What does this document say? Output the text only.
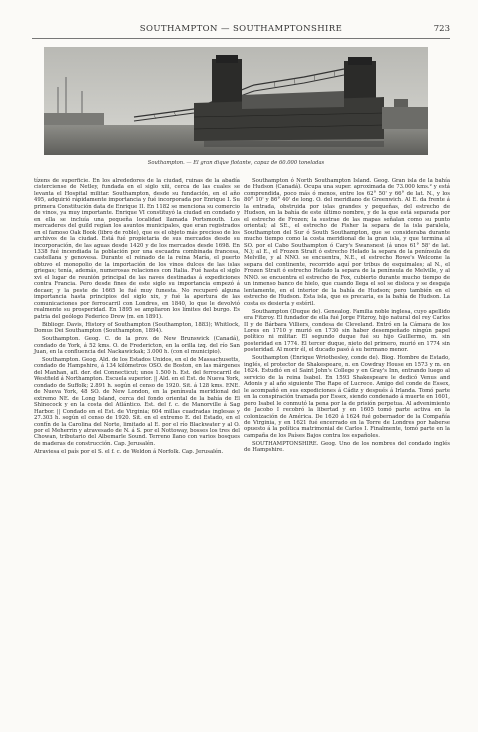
SOUTHAMPTON — SOUTHAMPTONSHIRE	723
Southampton. — El gran dique flotante, capaz de 60.000 toneladas

tízens de superficie. En los alrededores de la ciudad, ruinas de la abadía cisterciense de Netley, fundada en el siglo xiii, cerca de las cuales se levanta el Hospital militar. Southampton, desde su fundación, en el año 495, adquirió rápidamente importancia y fué incorporada por Enrique I. Su primera Constitución data de Enrique II. En 1182 se menciona su comercio de vinos, ya muy importante. Enrique VI constituyó la ciudad en condado y en ella se incluía una pequeña localidad llamada Portsmouth. Los mercaderes del guild regían los asuntos municipales, que eran registrados en el famoso Oak Book (libro de roble), que es el objeto más precioso de los archivos de la ciudad. Está fué propietaria de sus mercados desde su incorporación, de las aguas desde 1420 y de los mercados desde 1698. En 1338 fué incendiada la población por una escuadra combinada francesa, castellana y genovesa. Durante el reinado de la reina María, el puerto obtuvo el monopolio de la importación de los vinos dulces de las islas griegas; tenía, además, numerosas relaciones con Italia. Fué hasta el siglo xvi el lugar de reunión principal de las naves destinadas á expediciones contra Francia. Pero desde fines de este siglo su importancia empezó á decaer, y la peste de 1665 le fué muy funesta. No recuperó alguna importancia hasta principios del siglo xix, y fué la apertura de las comunicaciones por ferrocarril con Londres, en 1840, lo que le devolvió realmente su prosperidad. En 1895 se ampliaron los límites del burgo. Es patria del geólogo Federico Drew (m. en 1891).

Bibliogr. Davis, History of Southampton (Southampton, 1883); Whitlock, Domus Dei Southampton (Southampton, 1894).

Southampton. Geog. C. de la prov. de New Brunswick (Canadá), condado de York, á 52 kms. O. de Fredericton, en la orilla izq. del río San Juan, en la confluencia del Nackawickak; 3.000 h. (con el municipio).

Southampton. Geog. Ald. de los Estados Unidos, en el de Massachusetts, condado de Hampshire, á 134 kilómetros OSO. de Boston, en las márgenes del Manhan, afl. der. del Connecticut; unos 1.500 h. Est. del ferrocarril de Westfield á Northampton. Escuela superior. || Ald. en el Est. de Nueva York, condado de Suffolk; 2.891 h. según el censo de 1920. Sit. á 128 kms. ENE. de Nueva York, 48 SO. de New London, en la península meridional del extremo NE. de Long Island, cerca del fondo oriental de la bahía de El Shinecock y en la costa del Atlántico. Est. del f. c. de Manorville á Sag Harbor. || Condado en el Est. de Virginia; 604 millas cuadradas inglesas y 27.303 h. según el censo de 1920. Sit. en el extremo E. del Estado, en el confín de la Carolina del Norte, limitado al E. por el río Blackwater y al O. por el Meherrin y atravesado de N. á S. por el Nottoway, bosses los tres del Chowan, tributario del Albemarle Sound. Terreno llano con varios bosques de maderas de construcción. Cap. Jerusalén.

Atraviesa el país por el S. el f. c. de Weldon á Norfolk. Cap. Jerusalén.

Southampton ó North Southampton Island. Geog. Gran isla de la bahía de Hudson (Canadá). Ocupa una super. aproximada de 73.000 kms.² y está comprendida, poco más ó menos, entre los 62° 50' y 66° de lat. N., y los 80° 10' y 86° 40' de long. O. del meridiano de Greenwich. Al E. da frente á la entrada, obstruida por islas grandes y pequeñas, del estrecho de Hudson, en la bahía de este último nombre, y de la que está separada por el estrecho de Frozen; la sustrae de las mapas señalan como su punto oriental; al SE., el estrecho de Fisher la separa de la isla paralela, Southampton del Sur ó South Southampton, que se consideraba durante mucho tiempo como la costa meridional de la gran isla, y que termina al SO. por el Cabo Southampton ó Cary's Swansnest (á unos 61° 58' de lat. N.); al E., el Frozen Strait ó estrecho Helado la separa de la península de Melville, y al NNO. se encuentra, N.E., el estrecho Rowe's Welcome la separa del continente, recorrido aquí por tribus de esquimales; al N., el Frozen Strait ó estrecho Helado la separa de la península de Melville, y al NNO. se encuentra el estrecho de Fox, cubierto durante mucho tiempo de un inmenso banco de hielo, que cuando llega el sol se disloca y se desgaja lentamente, en el interior de la bahía de Hudson; pero también en el estrecho de Hudson. Esta isla, que es precaria, es la bahía de Hudson. La costa es desierta y estéril.

Southampton (Duque de). Genealog. Familia noble inglesa, cuyo apellido era Fitzroy. El fundador de ella fué Jorge Fitzroy, hijo natural del rey Carlos II y de Bárbara Villiers, condesa de Cleveland. Entró en la Cámara de los Lores en 1710 y murió en 1730 sin haber desempeñado ningún papel político ni militar. El segundo duque fué su hijo Guillermo, m. sin posteridad en 1774. El tercer duque, nieto del primero, murió en 1774 sin posteridad. Al morir él, el ducado pasó á su hermano menor.

Southampton (Enrique Wriothesley, conde de). Biog. Hombre de Estado, inglés, el protector de Shakespeare, n. en Cowdray House en 1573 y m. en 1624. Estudió en el Saint John's College y en Gray's Inn, entrando luego al servicio de la reina Isabel. En 1593 Shakespeare le dedicó Venus and Adonis y al año siguiente The Rape of Lucrece. Amigo del conde de Essex, le acompañó en sus expediciones á Cádiz y después á Irlanda. Tomó parte en la conspiración tramada por Essex, siendo condenado á muerte en 1601, pero Isabel le conmutó la pena por la de prisión perpetua. Al advenimiento de Jacobo I recobró la libertad y en 1605 tomó parte activa en la colonización de América. De 1620 á 1624 fué gobernador de la Compañía de Virginia, y en 1621 fué encerrado en la Torre de Londres por haberse opuesto á la política matrimonial de Carlos I. Finalmente, tomó parte en la campaña de los Países Bajos contra los españoles.

SOUTHAMPTONSHIRE. Geog. Uno de los nombres del condado inglés de Hampshire.
